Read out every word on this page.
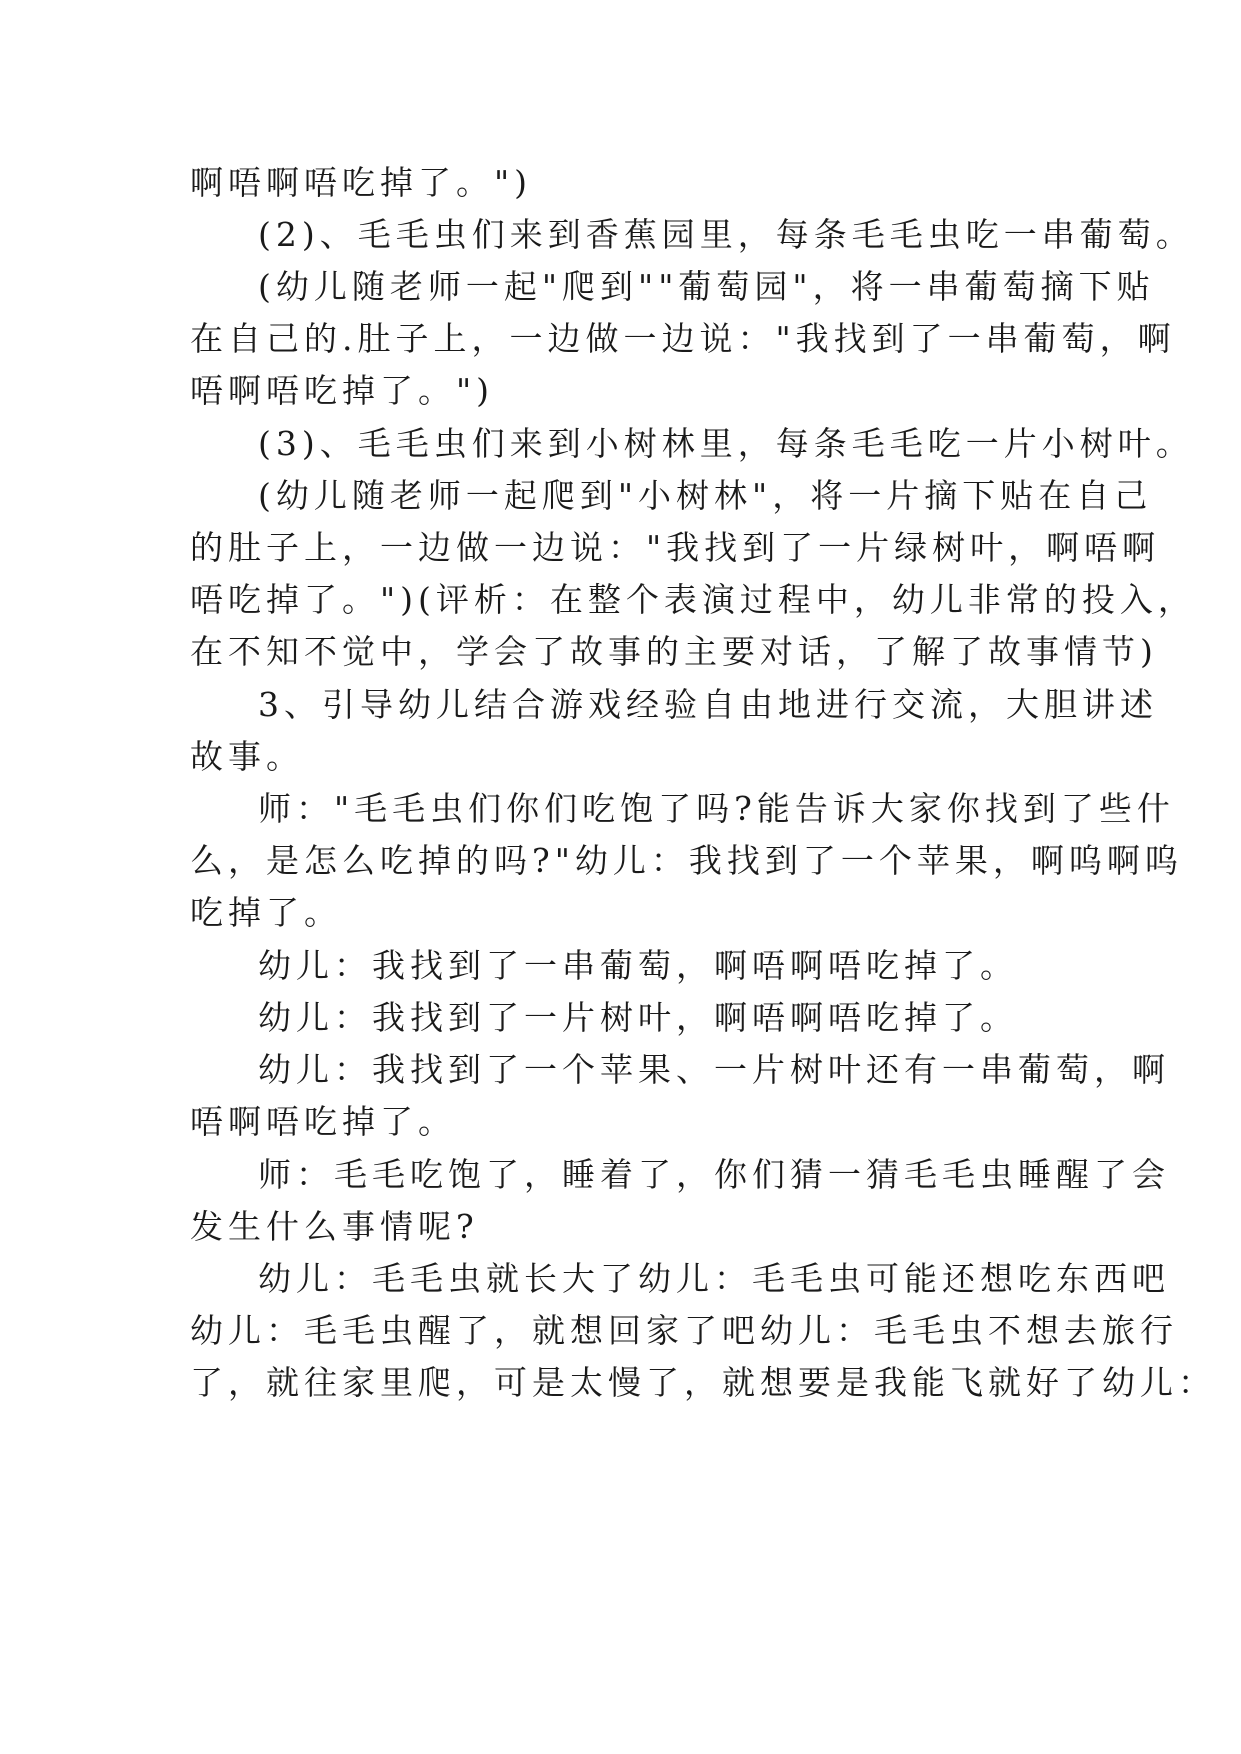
啊唔啊唔吃掉了。")

(2)、毛毛虫们来到香蕉园里，每条毛毛虫吃一串葡萄。

(幼儿随老师一起"爬到""葡萄园"，将一串葡萄摘下贴

在自己的.肚子上，一边做一边说："我找到了一串葡萄，啊

唔啊唔吃掉了。")

(3)、毛毛虫们来到小树林里，每条毛毛吃一片小树叶。

(幼儿随老师一起爬到"小树林"，将一片摘下贴在自己

的肚子上，一边做一边说："我找到了一片绿树叶，啊唔啊

唔吃掉了。")(评析：在整个表演过程中，幼儿非常的投入，

在不知不觉中，学会了故事的主要对话，了解了故事情节)

3、引导幼儿结合游戏经验自由地进行交流，大胆讲述

故事。

师："毛毛虫们你们吃饱了吗?能告诉大家你找到了些什

么，是怎么吃掉的吗?"幼儿：我找到了一个苹果，啊呜啊呜

吃掉了。

幼儿：我找到了一串葡萄，啊唔啊唔吃掉了。

幼儿：我找到了一片树叶，啊唔啊唔吃掉了。

幼儿：我找到了一个苹果、一片树叶还有一串葡萄，啊

唔啊唔吃掉了。

师：毛毛吃饱了，睡着了，你们猜一猜毛毛虫睡醒了会

发生什么事情呢?

幼儿：毛毛虫就长大了幼儿：毛毛虫可能还想吃东西吧

幼儿：毛毛虫醒了，就想回家了吧幼儿：毛毛虫不想去旅行

了，就往家里爬，可是太慢了，就想要是我能飞就好了幼儿：
